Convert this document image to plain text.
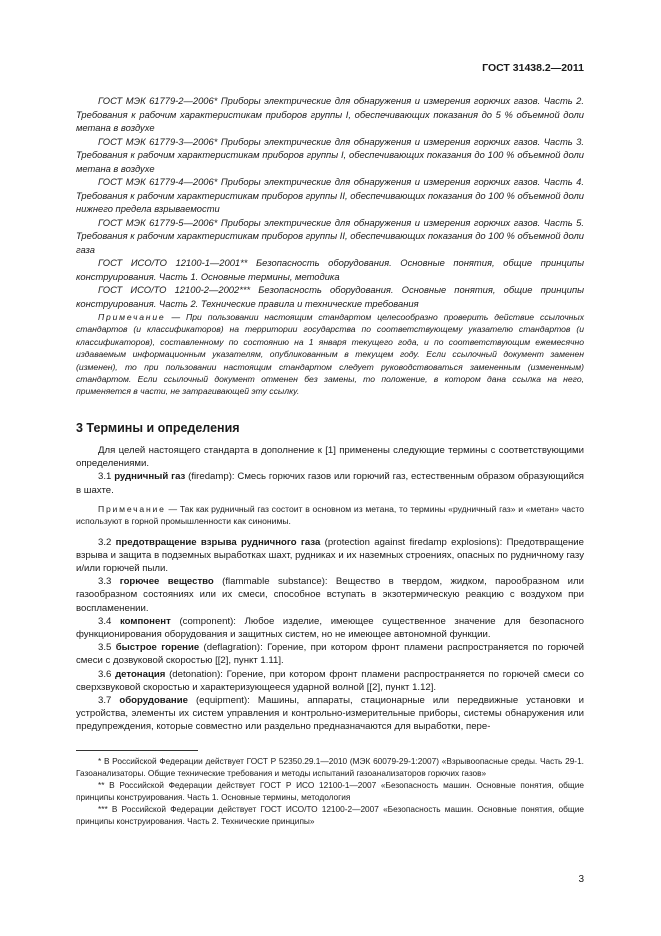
ГОСТ 31438.2—2011

ГОСТ МЭК 61779-2—2006* Приборы электрические для обнаружения и измерения горючих газов. Часть 2. Требования к рабочим характеристикам приборов группы I, обеспечивающих показания до 5 % объемной доли метана в воздухе

ГОСТ МЭК 61779-3—2006* Приборы электрические для обнаружения и измерения горючих газов. Часть 3. Требования к рабочим характеристикам приборов группы I, обеспечивающих показания до 100 % объемной доли метана в воздухе

ГОСТ МЭК 61779-4—2006* Приборы электрические для обнаружения и измерения горючих газов. Часть 4. Требования к рабочим характеристикам приборов группы II, обеспечивающих показания до 100 % объемной доли нижнего предела взрываемости

ГОСТ МЭК 61779-5—2006* Приборы электрические для обнаружения и измерения горючих газов. Часть 5. Требования к рабочим характеристикам приборов группы II, обеспечивающих показания до 100 % объемной доли газа

ГОСТ ИСО/ТО 12100-1—2001** Безопасность оборудования. Основные понятия, общие принципы конструирования. Часть 1. Основные термины, методика

ГОСТ ИСО/ТО 12100-2—2002*** Безопасность оборудования. Основные понятия, общие принципы конструирования. Часть 2. Технические правила и технические требования

Примечание — При пользовании настоящим стандартом целесообразно проверить действие ссылочных стандартов (и классификаторов) на территории государства по соответствующему указателю стандартов (и классификаторов), составленному по состоянию на 1 января текущего года, и по соответствующим ежемесячно издаваемым информационным указателям, опубликованным в текущем году. Если ссылочный документ заменен (изменен), то при пользовании настоящим стандартом следует руководствоваться замененным (измененным) стандартом. Если ссылочный документ отменен без замены, то положение, в котором дана ссылка на него, применяется в части, не затрагивающей эту ссылку.

3 Термины и определения

Для целей настоящего стандарта в дополнение к [1] применены следующие термины с соответствующими определениями.

3.1 рудничный газ (firedamp): Смесь горючих газов или горючий газ, естественным образом образующийся в шахте.

Примечание — Так как рудничный газ состоит в основном из метана, то термины «рудничный газ» и «метан» часто используют в горной промышленности как синонимы.

3.2 предотвращение взрыва рудничного газа (protection against firedamp explosions): Предотвращение взрыва и защита в подземных выработках шахт, рудниках и их наземных строениях, опасных по рудничному газу и/или горючей пыли.

3.3 горючее вещество (flammable substance): Вещество в твердом, жидком, парообразном или газообразном состояниях или их смеси, способное вступать в экзотермическую реакцию с воздухом при воспламенении.

3.4 компонент (component): Любое изделие, имеющее существенное значение для безопасного функционирования оборудования и защитных систем, но не имеющее автономной функции.

3.5 быстрое горение (deflagration): Горение, при котором фронт пламени распространяется по горючей смеси с дозвуковой скоростью [[2], пункт 1.11].

3.6 детонация (detonation): Горение, при котором фронт пламени распространяется по горючей смеси со сверхзвуковой скоростью и характеризующееся ударной волной [[2], пункт 1.12].

3.7 оборудование (equipment): Машины, аппараты, стационарные или передвижные установки и устройства, элементы их систем управления и контрольно-измерительные приборы, системы обнаружения или предупреждения, которые совместно или раздельно предназначаются для выработки, пере-

* В Российской Федерации действует ГОСТ Р 52350.29.1—2010 (МЭК 60079-29-1:2007) «Взрывоопасные среды. Часть 29-1. Газоанализаторы. Общие технические требования и методы испытаний газоанализаторов горючих газов»

** В Российской Федерации действует ГОСТ Р ИСО 12100-1—2007 «Безопасность машин. Основные понятия, общие принципы конструирования. Часть 1. Основные термины, методология

*** В Российской Федерации действует ГОСТ ИСО/ТО 12100-2—2007 «Безопасность машин. Основные понятия, общие принципы конструирования. Часть 2. Технические принципы»

3
